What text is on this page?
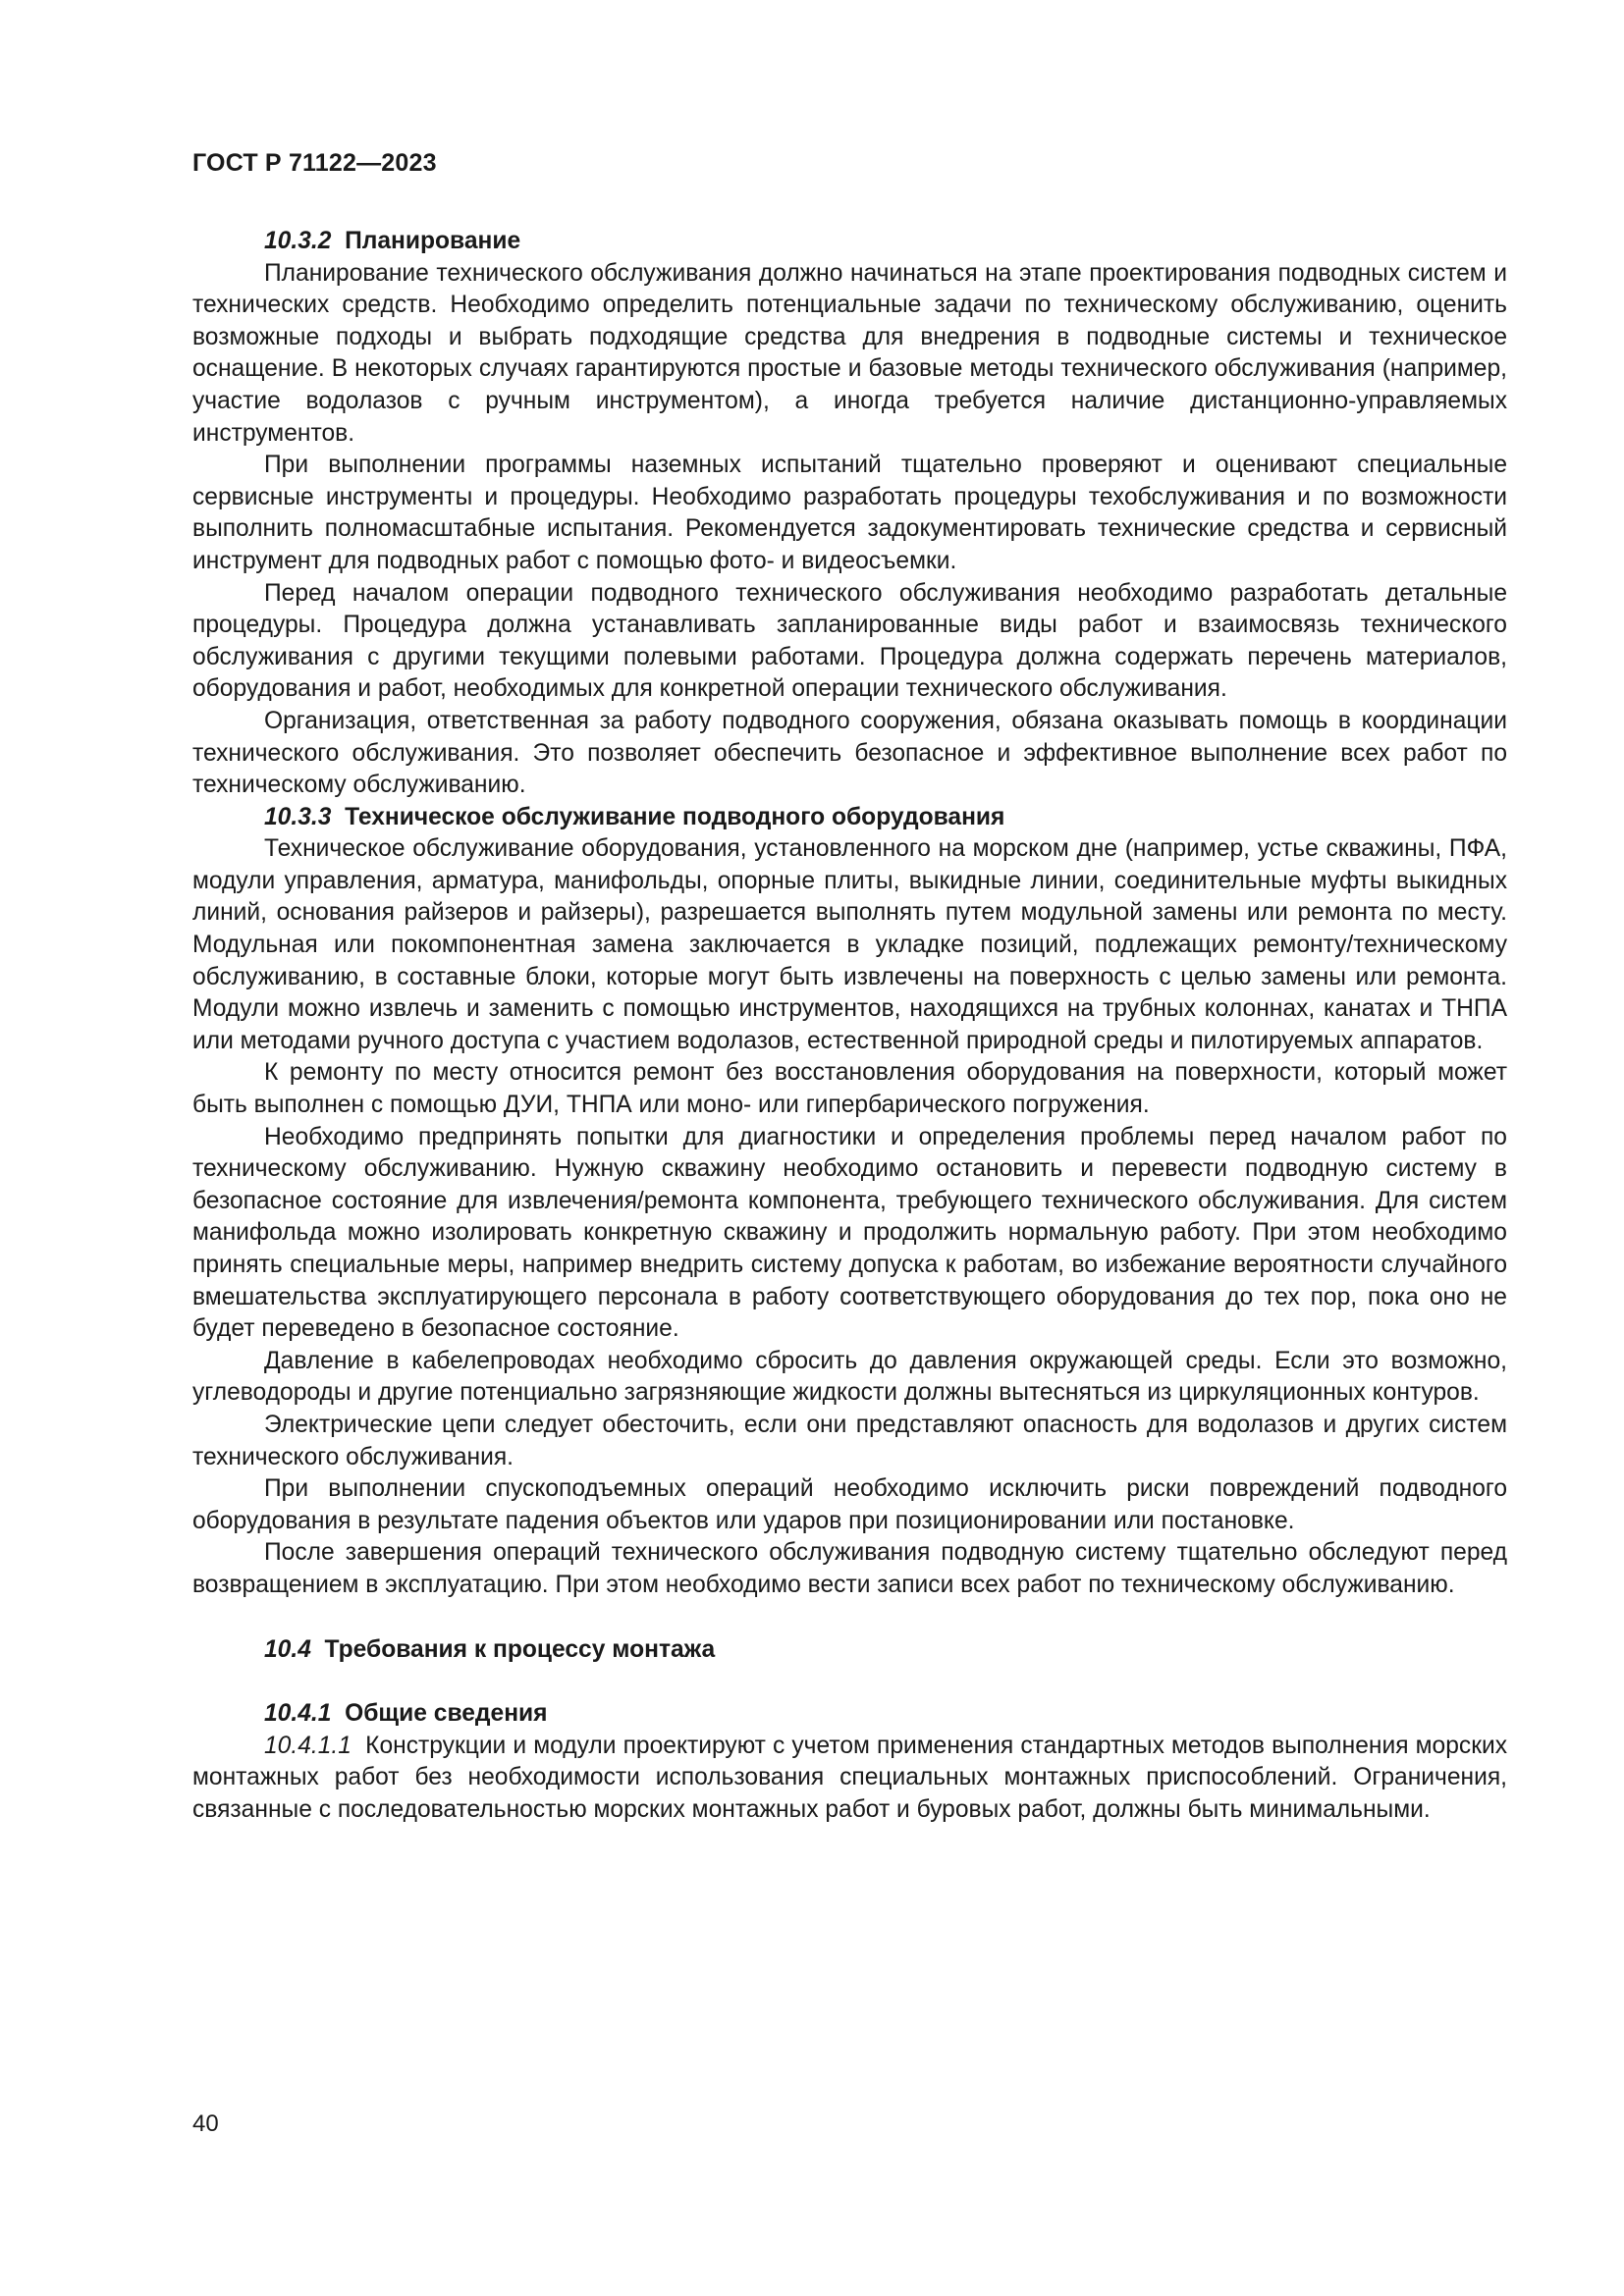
ГОСТ Р 71122—2023

10.3.2 Планирование

Планирование технического обслуживания должно начинаться на этапе проектирования подводных систем и технических средств. Необходимо определить потенциальные задачи по техническому обслуживанию, оценить возможные подходы и выбрать подходящие средства для внедрения в подводные системы и техническое оснащение. В некоторых случаях гарантируются простые и базовые методы технического обслуживания (например, участие водолазов с ручным инструментом), а иногда требуется наличие дистанционно-управляемых инструментов.

При выполнении программы наземных испытаний тщательно проверяют и оценивают специальные сервисные инструменты и процедуры. Необходимо разработать процедуры техобслуживания и по возможности выполнить полномасштабные испытания. Рекомендуется задокументировать технические средства и сервисный инструмент для подводных работ с помощью фото- и видеосъемки.

Перед началом операции подводного технического обслуживания необходимо разработать детальные процедуры. Процедура должна устанавливать запланированные виды работ и взаимосвязь технического обслуживания с другими текущими полевыми работами. Процедура должна содержать перечень материалов, оборудования и работ, необходимых для конкретной операции технического обслуживания.

Организация, ответственная за работу подводного сооружения, обязана оказывать помощь в координации технического обслуживания. Это позволяет обеспечить безопасное и эффективное выполнение всех работ по техническому обслуживанию.

10.3.3 Техническое обслуживание подводного оборудования

Техническое обслуживание оборудования, установленного на морском дне (например, устье скважины, ПФА, модули управления, арматура, манифольды, опорные плиты, выкидные линии, соединительные муфты выкидных линий, основания райзеров и райзеры), разрешается выполнять путем модульной замены или ремонта по месту. Модульная или покомпонентная замена заключается в укладке позиций, подлежащих ремонту/техническому обслуживанию, в составные блоки, которые могут быть извлечены на поверхность с целью замены или ремонта. Модули можно извлечь и заменить с помощью инструментов, находящихся на трубных колоннах, канатах и ТНПА или методами ручного доступа с участием водолазов, естественной природной среды и пилотируемых аппаратов.

К ремонту по месту относится ремонт без восстановления оборудования на поверхности, который может быть выполнен с помощью ДУИ, ТНПА или моно- или гипербарического погружения.

Необходимо предпринять попытки для диагностики и определения проблемы перед началом работ по техническому обслуживанию. Нужную скважину необходимо остановить и перевести подводную систему в безопасное состояние для извлечения/ремонта компонента, требующего технического обслуживания. Для систем манифольда можно изолировать конкретную скважину и продолжить нормальную работу. При этом необходимо принять специальные меры, например внедрить систему допуска к работам, во избежание вероятности случайного вмешательства эксплуатирующего персонала в работу соответствующего оборудования до тех пор, пока оно не будет переведено в безопасное состояние.

Давление в кабелепроводах необходимо сбросить до давления окружающей среды. Если это возможно, углеводороды и другие потенциально загрязняющие жидкости должны вытесняться из циркуляционных контуров.

Электрические цепи следует обесточить, если они представляют опасность для водолазов и других систем технического обслуживания.

При выполнении спускоподъемных операций необходимо исключить риски повреждений подводного оборудования в результате падения объектов или ударов при позиционировании или постановке.

После завершения операций технического обслуживания подводную систему тщательно обследуют перед возвращением в эксплуатацию. При этом необходимо вести записи всех работ по техническому обслуживанию.

10.4 Требования к процессу монтажа

10.4.1 Общие сведения

10.4.1.1 Конструкции и модули проектируют с учетом применения стандартных методов выполнения морских монтажных работ без необходимости использования специальных монтажных приспособлений. Ограничения, связанные с последовательностью морских монтажных работ и буровых работ, должны быть минимальными.

40
